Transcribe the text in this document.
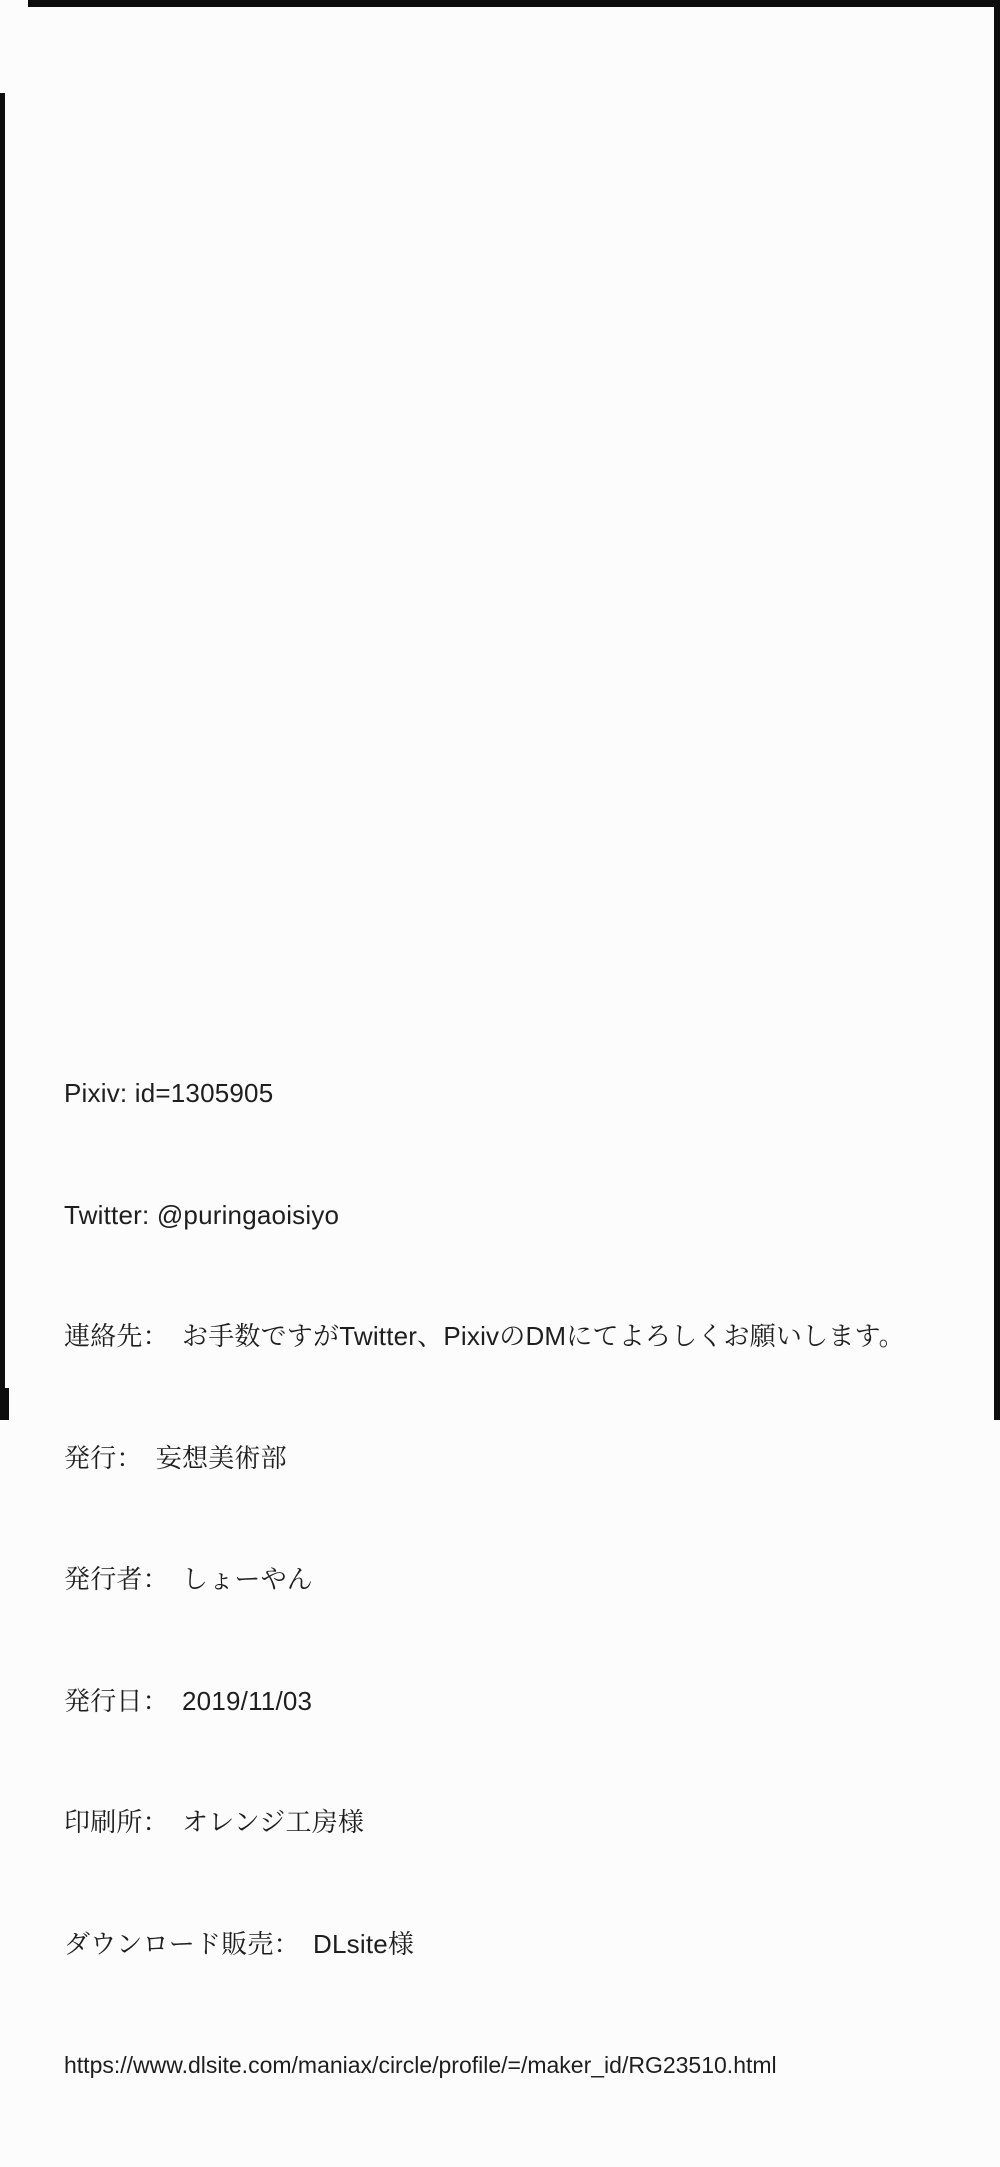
Pixiv: id=1305905

Twitter: @puringaoisiyo

連絡先：　お手数ですがTwitter、PixivのDMにてよろしくお願いします。

発行：　妄想美術部

発行者：　しょーやん

発行日：　2019/11/03

印刷所：　オレンジ工房様

ダウンロード販売：　DLsite様

https://www.dlsite.com/maniax/circle/profile/=/maker_id/RG23510.html
